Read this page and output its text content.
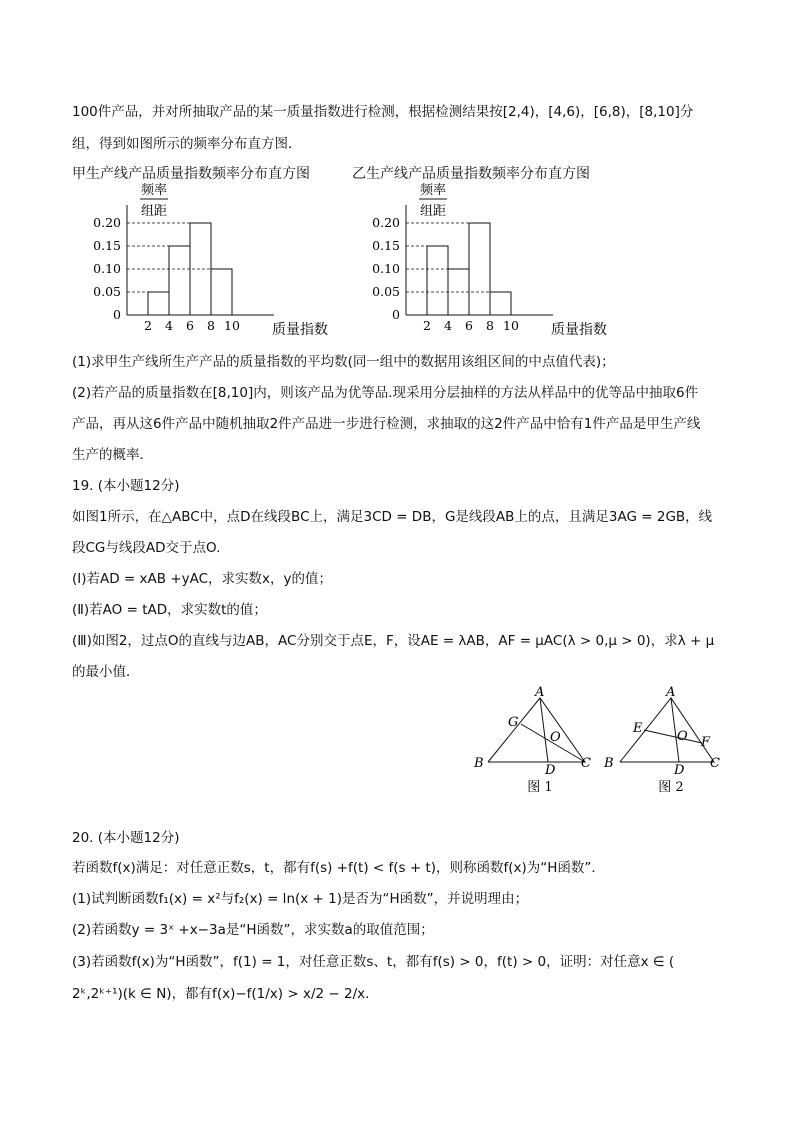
100件产品，并对所抽取产品的某一质量指数进行检测，根据检测结果按[2,4)，[4,6)，[6,8)，[8,10]分
组，得到如图所示的频率分布直方图．
甲生产线产品质量指数频率分布直方图	乙生产线产品质量指数频率分布直方图
频率
组距
质量指数
0
0.05
0.10
0.15
0.20
2 4 6 8 10
频率
组距
质量指数
0
0.05
0.10
0.15
0.20
2 4 6 8 10
(1)求甲生产线所生产产品的质量指数的平均数(同一组中的数据用该组区间的中点值代表)；
(2)若产品的质量指数在[8,10]内，则该产品为优等品.现采用分层抽样的方法从样品中的优等品中抽取6件
产品，再从这6件产品中随机抽取2件产品进一步进行检测，求抽取的这2件产品中恰有1件产品是甲生产线
生产的概率．
19. (本小题12分)
如图1所示，在△ABC中，点D在线段BC上，满足3CD = DB，G是线段AB上的点，且满足3AG = 2GB，线
段CG与线段AD交于点O.
(Ⅰ)若AD = xAB +yAC，求实数x，y的值；
(Ⅱ)若AO = tAD，求实数t的值；
(Ⅲ)如图2，过点O的直线与边AB，AC分别交于点E，F，设AE = λAB，AF = μAC(λ > 0,μ > 0)，求λ + μ
的最小值．
A
B	C
D
G
O
图 1
A
B	C
D
E
O F
图 2
20. (本小题12分)
若函数f(x)满足：对任意正数s，t，都有f(s) +f(t) < f(s + t)，则称函数f(x)为“H函数”．
(1)试判断函数f₁(x) = x²与f₂(x) = ln(x + 1)是否为“H函数”，并说明理由；
(2)若函数y = 3ˣ +x−3a是“H函数”，求实数a的取值范围；
(3)若函数f(x)为“H函数”，f(1) = 1，对任意正数s、t，都有f(s) > 0，f(t) > 0，证明：对任意x ∈ (
2ᵏ,2ᵏ⁺¹)(k ∈ N)，都有f(x)−f(1/x) > x/2 − 2/x.
